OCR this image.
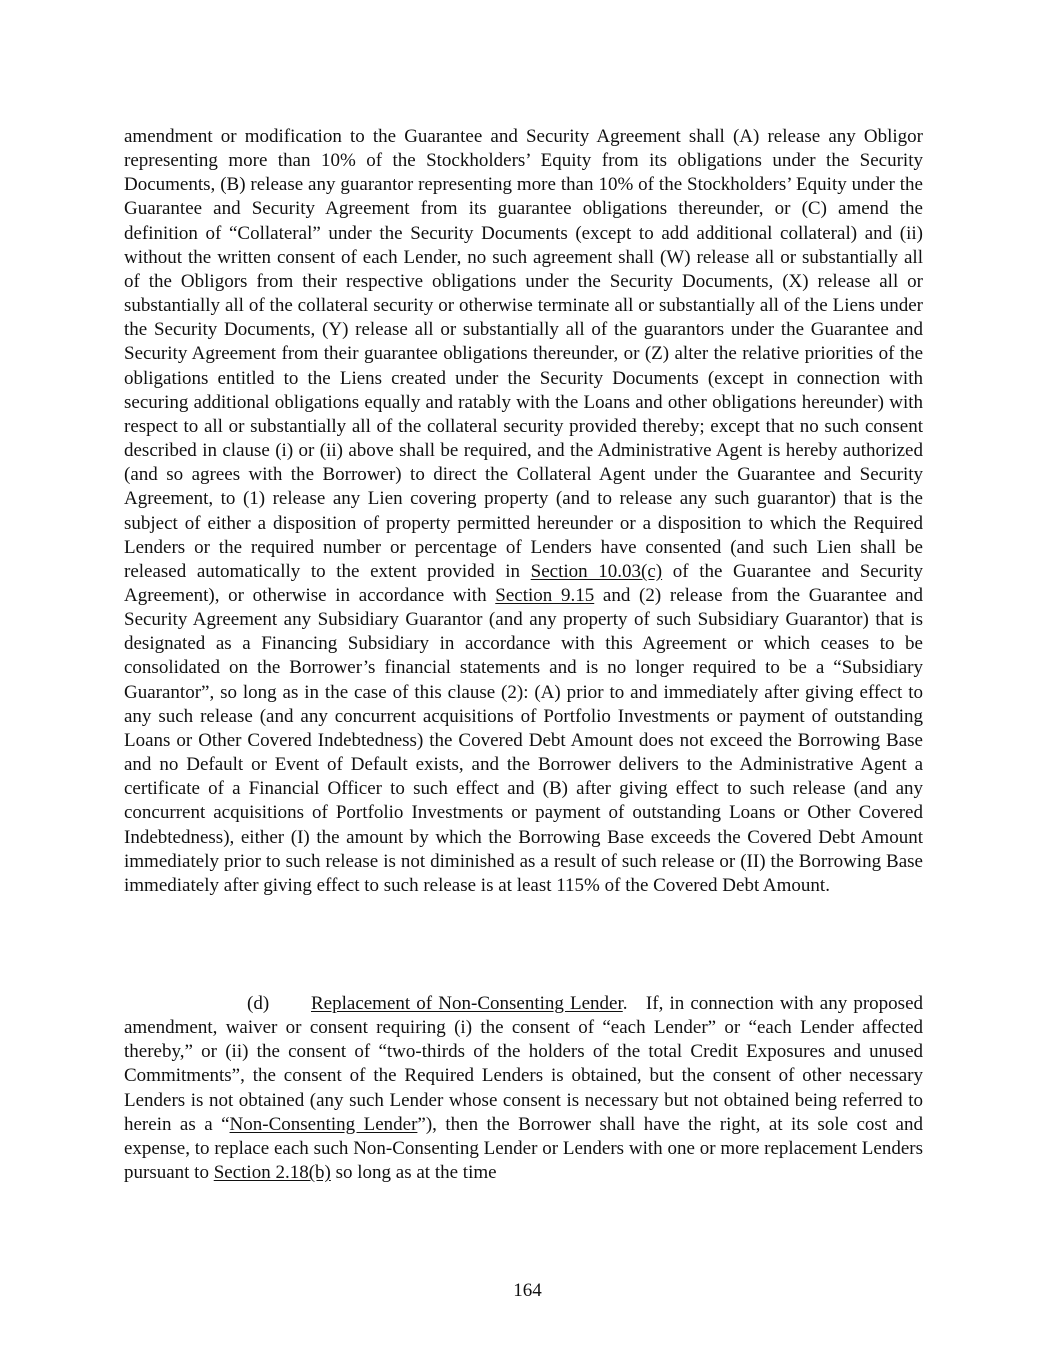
amendment or modification to the Guarantee and Security Agreement shall (A) release any Obligor representing more than 10% of the Stockholders’ Equity from its obligations under the Security Documents, (B) release any guarantor representing more than 10% of the Stockholders’ Equity under the Guarantee and Security Agreement from its guarantee obligations thereunder, or (C) amend the definition of “Collateral” under the Security Documents (except to add additional collateral) and (ii) without the written consent of each Lender, no such agreement shall (W) release all or substantially all of the Obligors from their respective obligations under the Security Documents, (X) release all or substantially all of the collateral security or otherwise terminate all or substantially all of the Liens under the Security Documents, (Y) release all or substantially all of the guarantors under the Guarantee and Security Agreement from their guarantee obligations thereunder, or (Z) alter the relative priorities of the obligations entitled to the Liens created under the Security Documents (except in connection with securing additional obligations equally and ratably with the Loans and other obligations hereunder) with respect to all or substantially all of the collateral security provided thereby; except that no such consent described in clause (i) or (ii) above shall be required, and the Administrative Agent is hereby authorized (and so agrees with the Borrower) to direct the Collateral Agent under the Guarantee and Security Agreement, to (1) release any Lien covering property (and to release any such guarantor) that is the subject of either a disposition of property permitted hereunder or a disposition to which the Required Lenders or the required number or percentage of Lenders have consented (and such Lien shall be released automatically to the extent provided in Section 10.03(c) of the Guarantee and Security Agreement), or otherwise in accordance with Section 9.15 and (2) release from the Guarantee and Security Agreement any Subsidiary Guarantor (and any property of such Subsidiary Guarantor) that is designated as a Financing Subsidiary in accordance with this Agreement or which ceases to be consolidated on the Borrower’s financial statements and is no longer required to be a “Subsidiary Guarantor”, so long as in the case of this clause (2): (A) prior to and immediately after giving effect to any such release (and any concurrent acquisitions of Portfolio Investments or payment of outstanding Loans or Other Covered Indebtedness) the Covered Debt Amount does not exceed the Borrowing Base and no Default or Event of Default exists, and the Borrower delivers to the Administrative Agent a certificate of a Financial Officer to such effect and (B) after giving effect to such release (and any concurrent acquisitions of Portfolio Investments or payment of outstanding Loans or Other Covered Indebtedness), either (I) the amount by which the Borrowing Base exceeds the Covered Debt Amount immediately prior to such release is not diminished as a result of such release or (II) the Borrowing Base immediately after giving effect to such release is at least 115% of the Covered Debt Amount.

(d) Replacement of Non-Consenting Lender. If, in connection with any proposed amendment, waiver or consent requiring (i) the consent of “each Lender” or “each Lender affected thereby,” or (ii) the consent of “two-thirds of the holders of the total Credit Exposures and unused Commitments”, the consent of the Required Lenders is obtained, but the consent of other necessary Lenders is not obtained (any such Lender whose consent is necessary but not obtained being referred to herein as a “Non-Consenting Lender”), then the Borrower shall have the right, at its sole cost and expense, to replace each such Non-Consenting Lender or Lenders with one or more replacement Lenders pursuant to Section 2.18(b) so long as at the time

164
